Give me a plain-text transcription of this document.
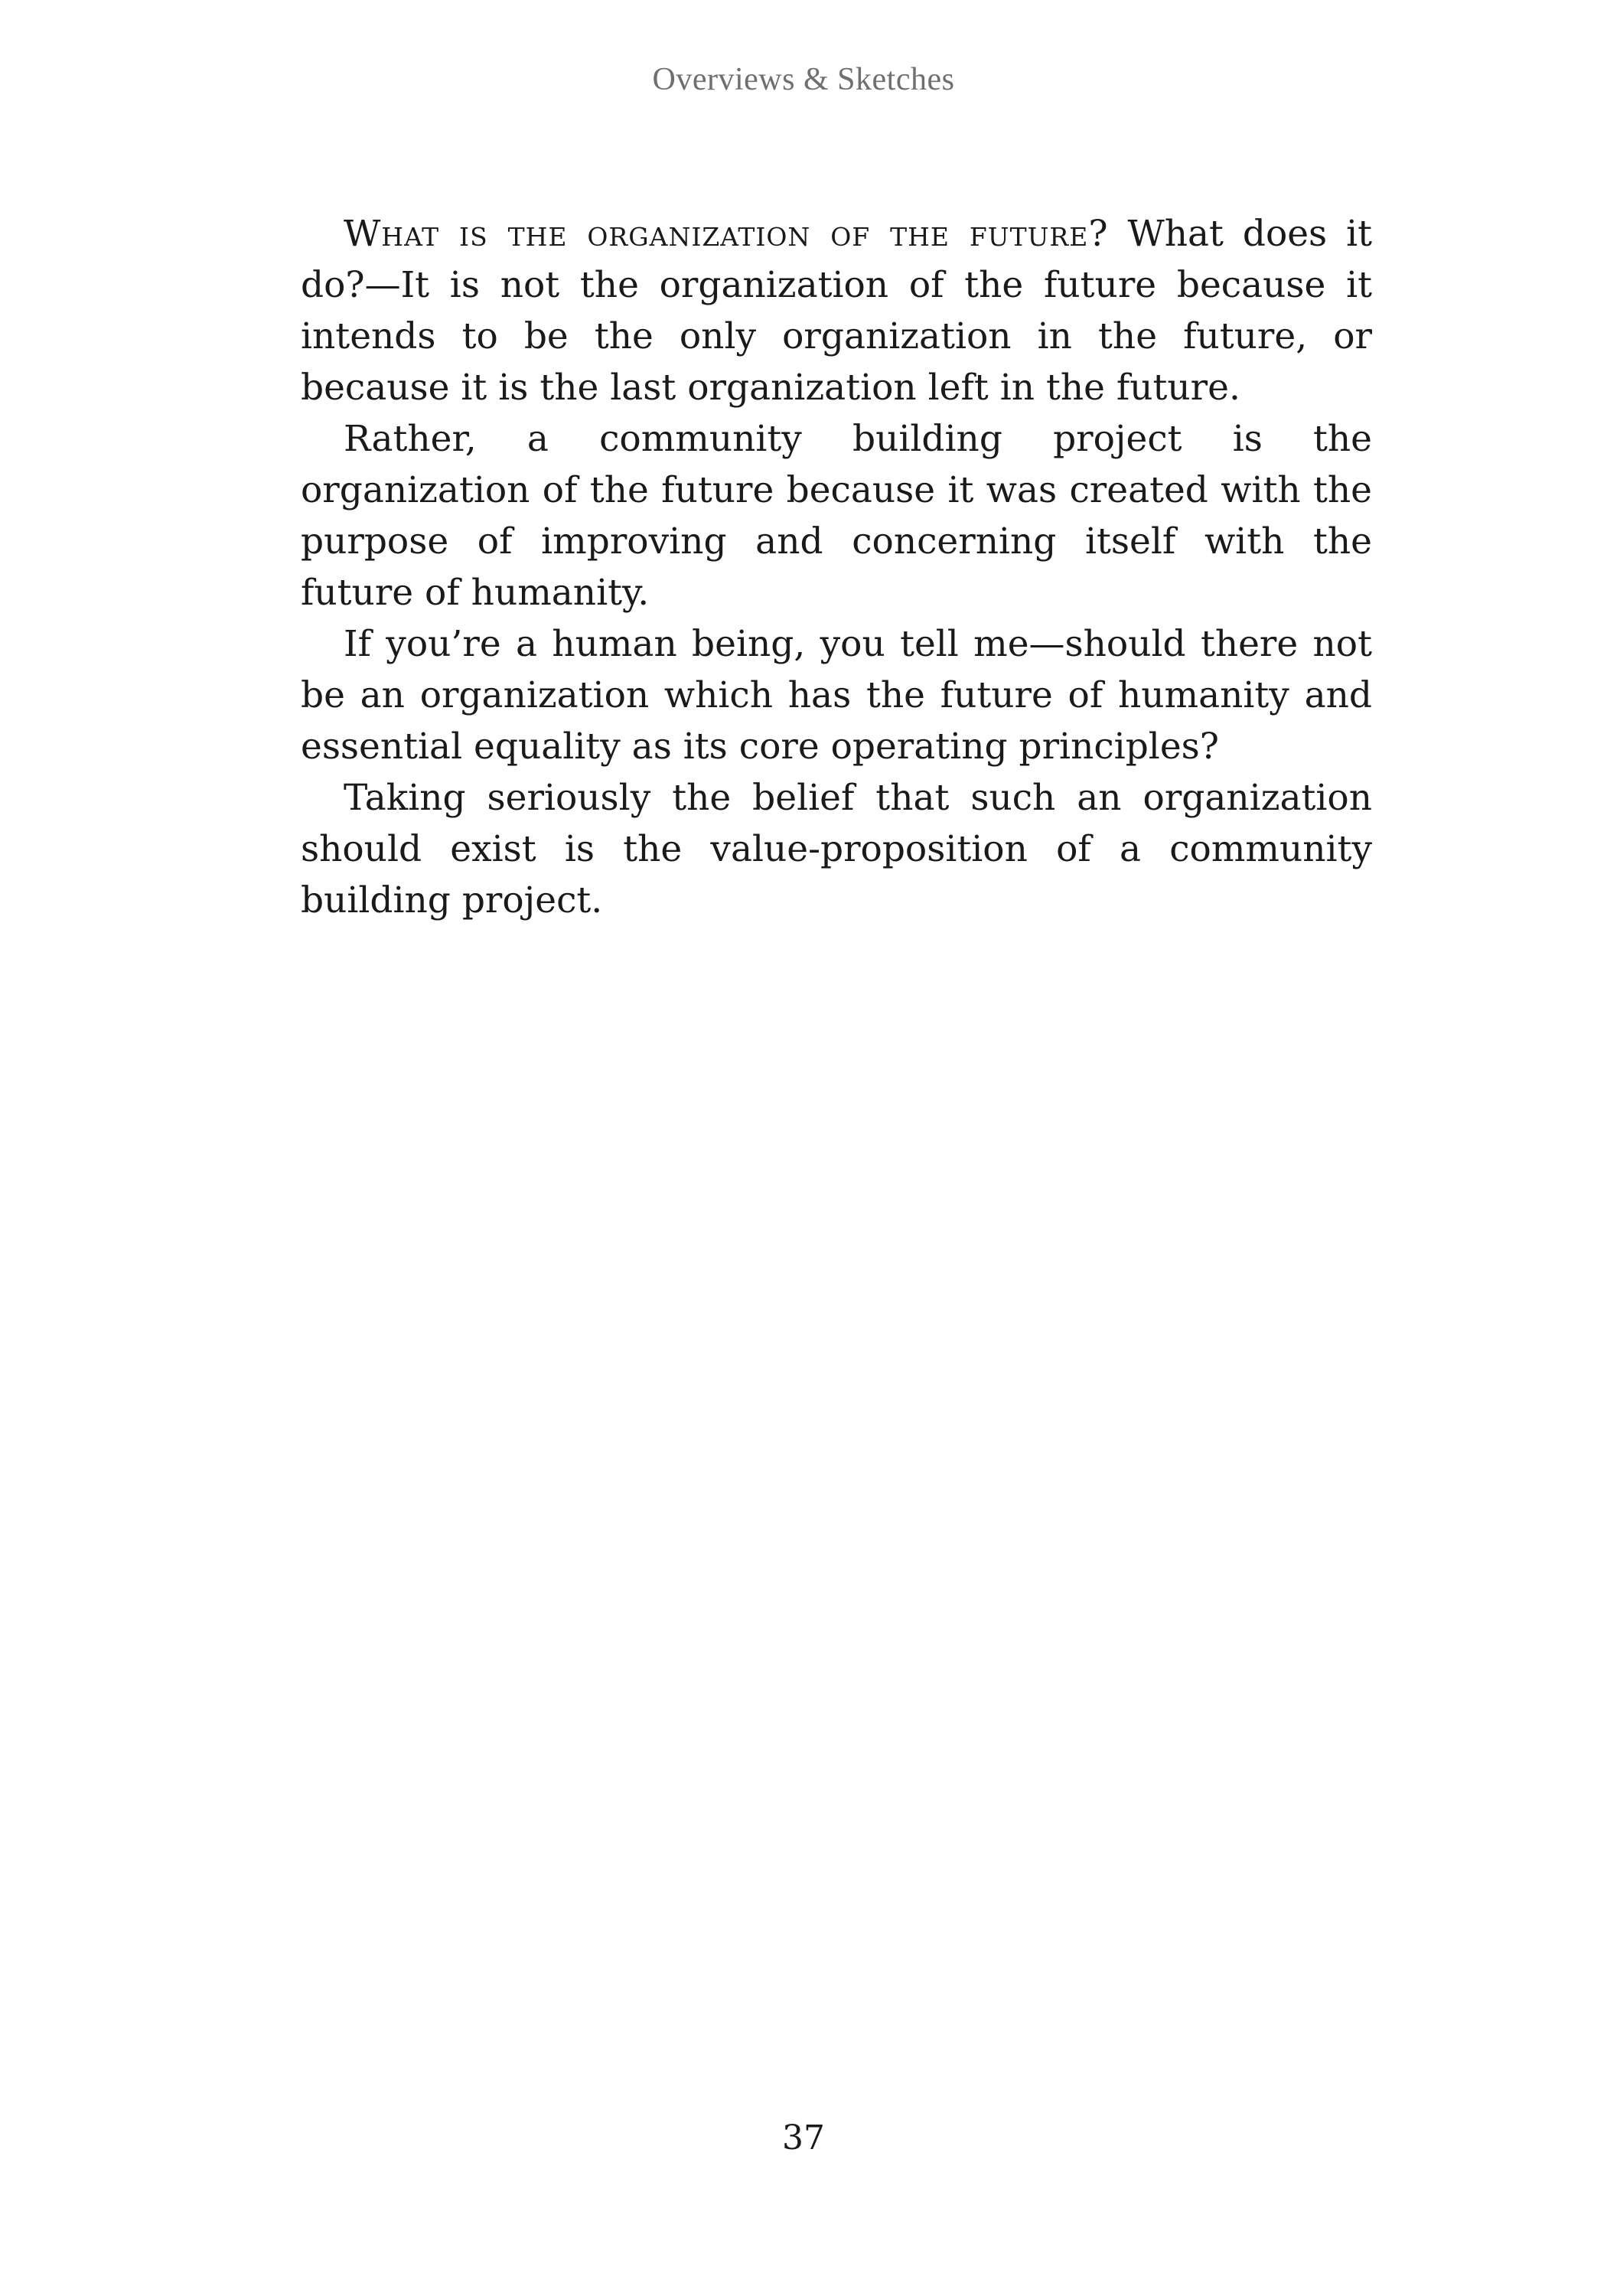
Overviews & Sketches

What is the organization of the future? What does it do?—It is not the organization of the future because it intends to be the only organization in the future, or because it is the last organization left in the future.

Rather, a community building project is the organization of the future because it was created with the purpose of improving and concerning itself with the future of humanity.

If you’re a human being, you tell me—should there not be an organization which has the future of humanity and essential equality as its core operating principles?

Taking seriously the belief that such an organization should exist is the value-proposition of a community building project.

37
